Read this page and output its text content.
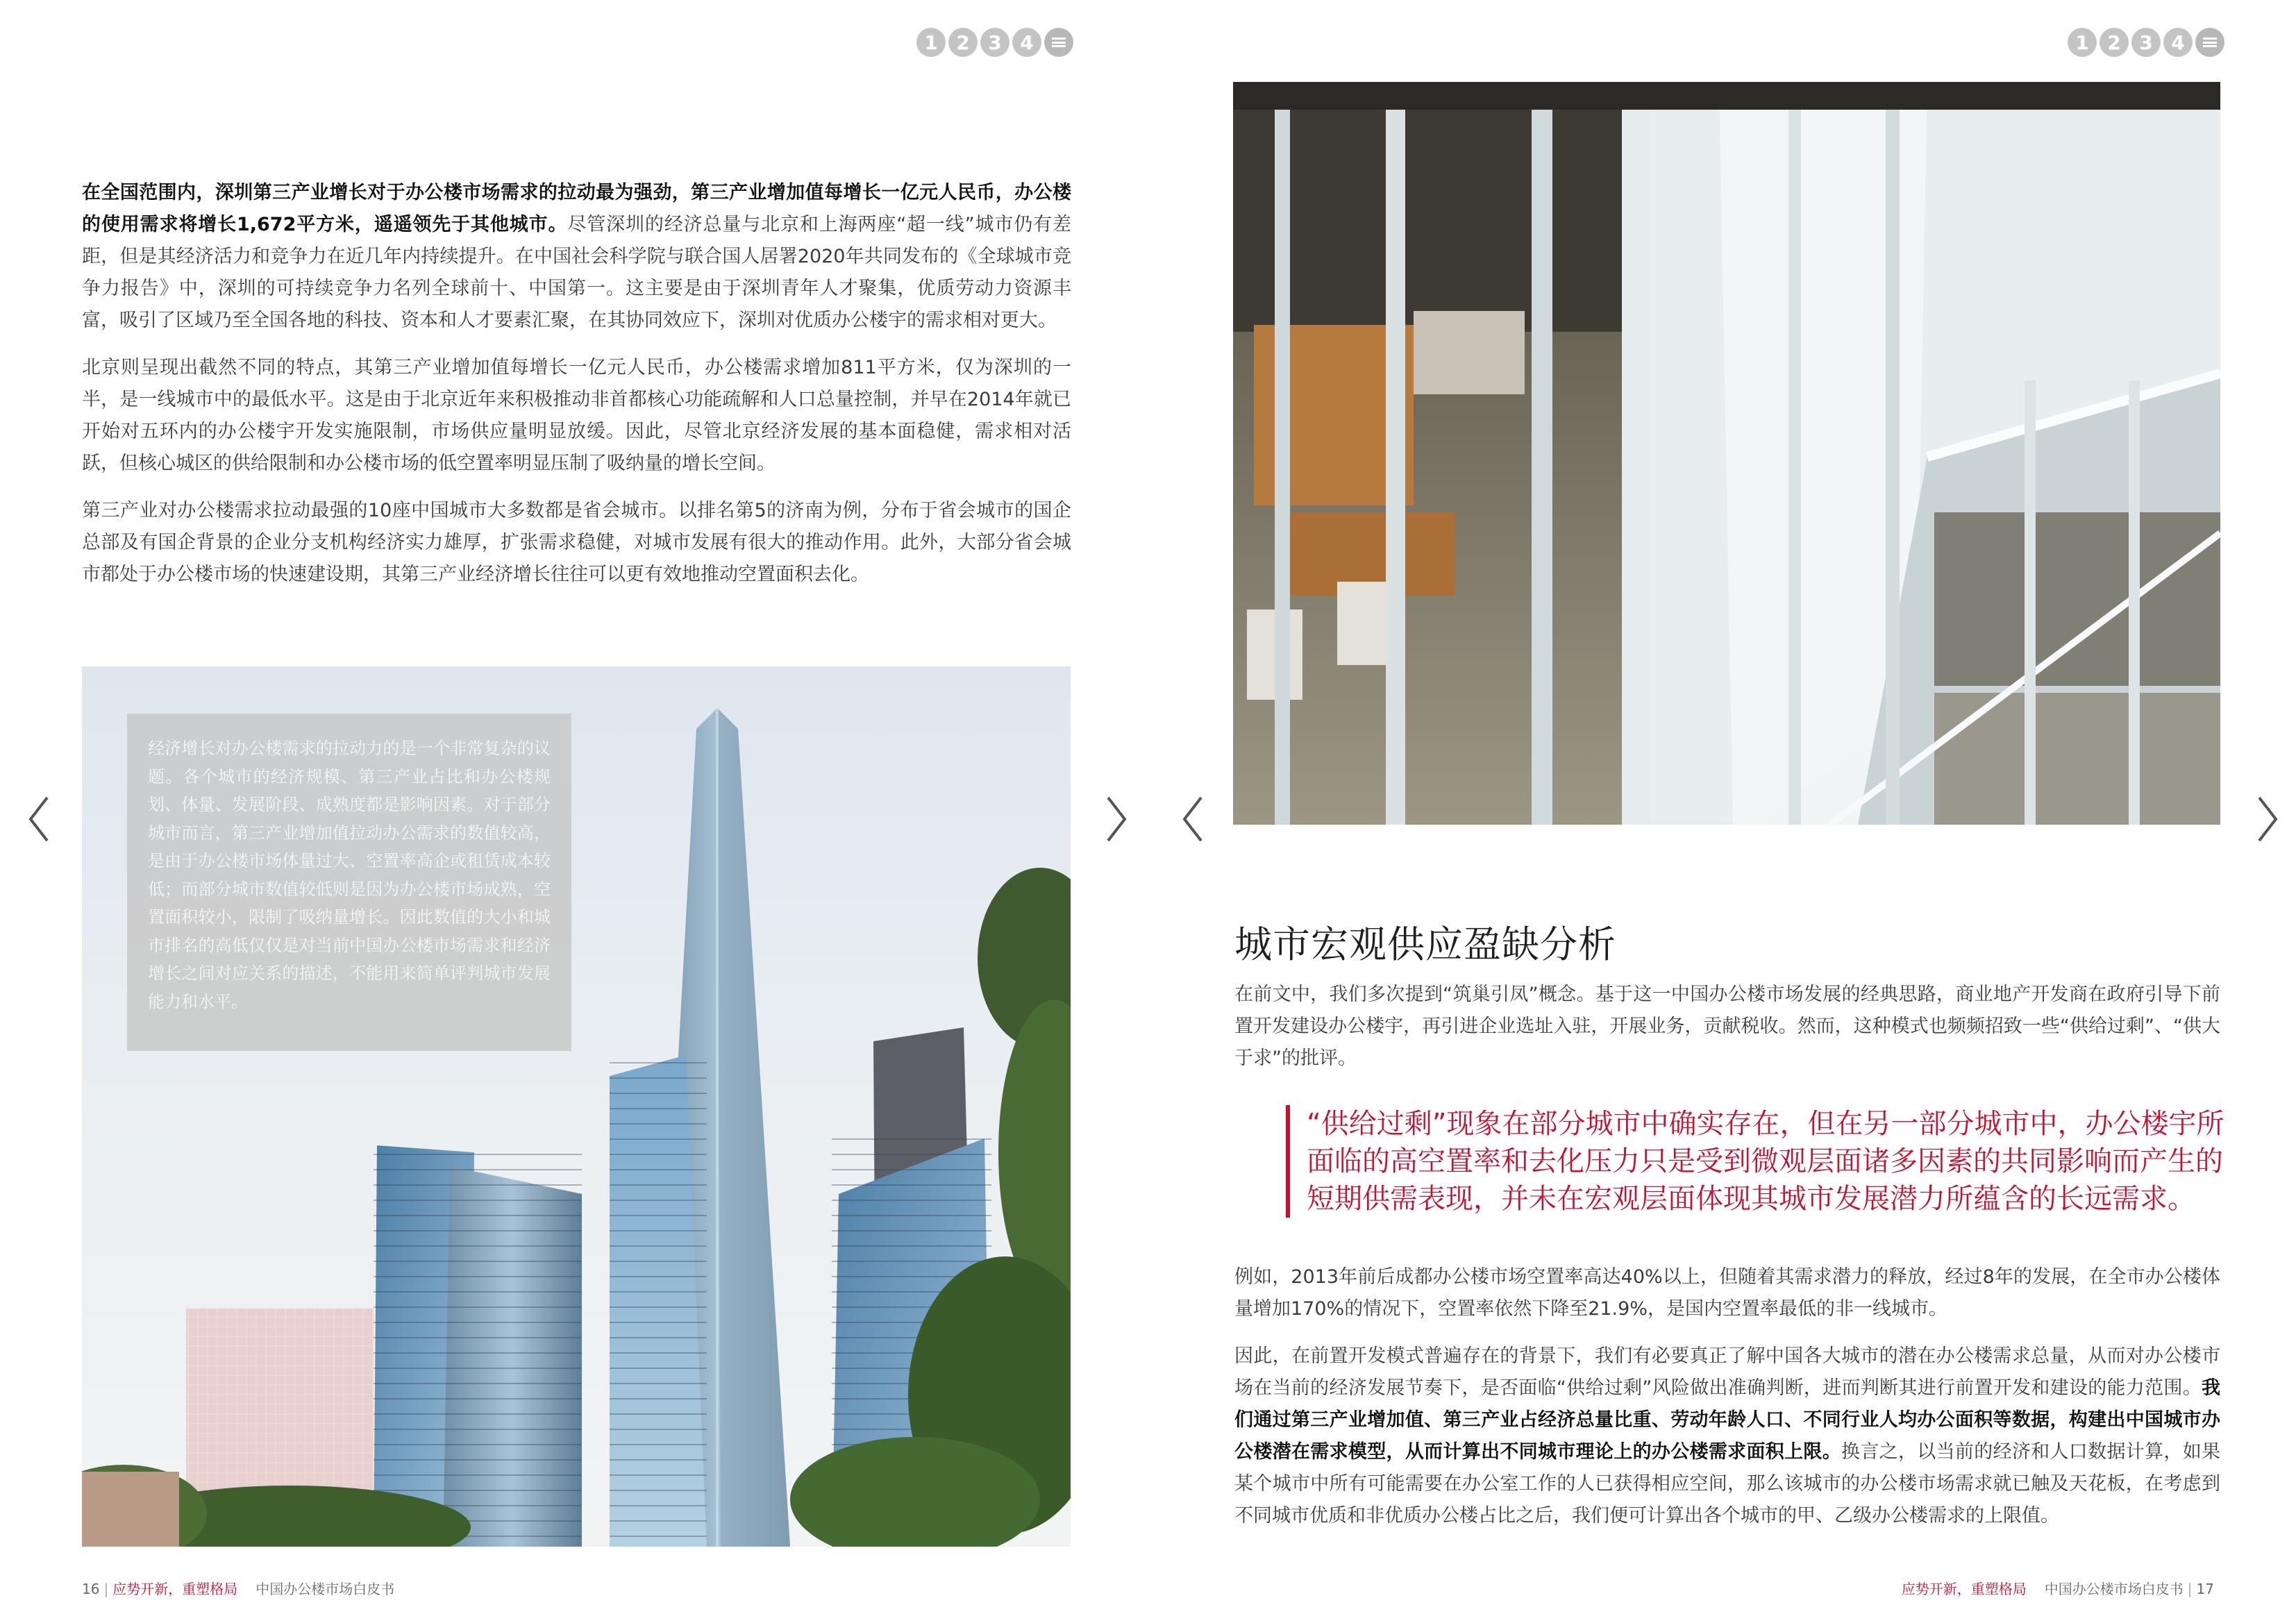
1 2 3 4

在全国范围内，深圳第三产业增长对于办公楼市场需求的拉动最为强劲，第三产业增加值每增长一亿元人民币，办公楼的使用需求将增长1,672平方米，遥遥领先于其他城市。尽管深圳的经济总量与北京和上海两座“超一线”城市仍有差距，但是其经济活力和竞争力在近几年内持续提升。在中国社会科学院与联合国人居署2020年共同发布的《全球城市竞争力报告》中，深圳的可持续竞争力名列全球前十、中国第一。这主要是由于深圳青年人才聚集，优质劳动力资源丰富，吸引了区域乃至全国各地的科技、资本和人才要素汇聚，在其协同效应下，深圳对优质办公楼宇的需求相对更大。

北京则呈现出截然不同的特点，其第三产业增加值每增长一亿元人民币，办公楼需求增加811平方米，仅为深圳的一半，是一线城市中的最低水平。这是由于北京近年来积极推动非首都核心功能疏解和人口总量控制，并早在2014年就已开始对五环内的办公楼宇开发实施限制，市场供应量明显放缓。因此，尽管北京经济发展的基本面稳健，需求相对活跃，但核心城区的供给限制和办公楼市场的低空置率明显压制了吸纳量的增长空间。

第三产业对办公楼需求拉动最强的10座中国城市大多数都是省会城市。以排名第5的济南为例，分布于省会城市的国企总部及有国企背景的企业分支机构经济实力雄厚，扩张需求稳健，对城市发展有很大的推动作用。此外，大部分省会城市都处于办公楼市场的快速建设期，其第三产业经济增长往往可以更有效地推动空置面积去化。

经济增长对办公楼需求的拉动力的是一个非常复杂的议题。各个城市的经济规模、第三产业占比和办公楼规划、体量、发展阶段、成熟度都是影响因素。对于部分城市而言，第三产业增加值拉动办公需求的数值较高，是由于办公楼市场体量过大、空置率高企或租赁成本较低；而部分城市数值较低则是因为办公楼市场成熟，空置面积较小，限制了吸纳量增长。因此数值的大小和城市排名的高低仅仅是对当前中国办公楼市场需求和经济增长之间对应关系的描述，不能用来简单评判城市发展能力和水平。
16 | 应势开新，重塑格局 中国办公楼市场白皮书
1 2 3 4
城市宏观供应盈缺分析

在前文中，我们多次提到“筑巢引凤”概念。基于这一中国办公楼市场发展的经典思路，商业地产开发商在政府引导下前置开发建设办公楼宇，再引进企业选址入驻，开展业务，贡献税收。然而，这种模式也频频招致一些“供给过剩”、“供大于求”的批评。

“供给过剩”现象在部分城市中确实存在，但在另一部分城市中，办公楼宇所面临的高空置率和去化压力只是受到微观层面诸多因素的共同影响而产生的短期供需表现，并未在宏观层面体现其城市发展潜力所蕴含的长远需求。

例如，2013年前后成都办公楼市场空置率高达40%以上，但随着其需求潜力的释放，经过8年的发展，在全市办公楼体量增加170%的情况下，空置率依然下降至21.9%，是国内空置率最低的非一线城市。

因此，在前置开发模式普遍存在的背景下，我们有必要真正了解中国各大城市的潜在办公楼需求总量，从而对办公楼市场在当前的经济发展节奏下，是否面临“供给过剩”风险做出准确判断，进而判断其进行前置开发和建设的能力范围。我们通过第三产业增加值、第三产业占经济总量比重、劳动年龄人口、不同行业人均办公面积等数据，构建出中国城市办公楼潜在需求模型，从而计算出不同城市理论上的办公楼需求面积上限。换言之，以当前的经济和人口数据计算，如果某个城市中所有可能需要在办公室工作的人已获得相应空间，那么该城市的办公楼市场需求就已触及天花板，在考虑到不同城市优质和非优质办公楼占比之后，我们便可计算出各个城市的甲、乙级办公楼需求的上限值。

应势开新，重塑格局 中国办公楼市场白皮书 | 17
